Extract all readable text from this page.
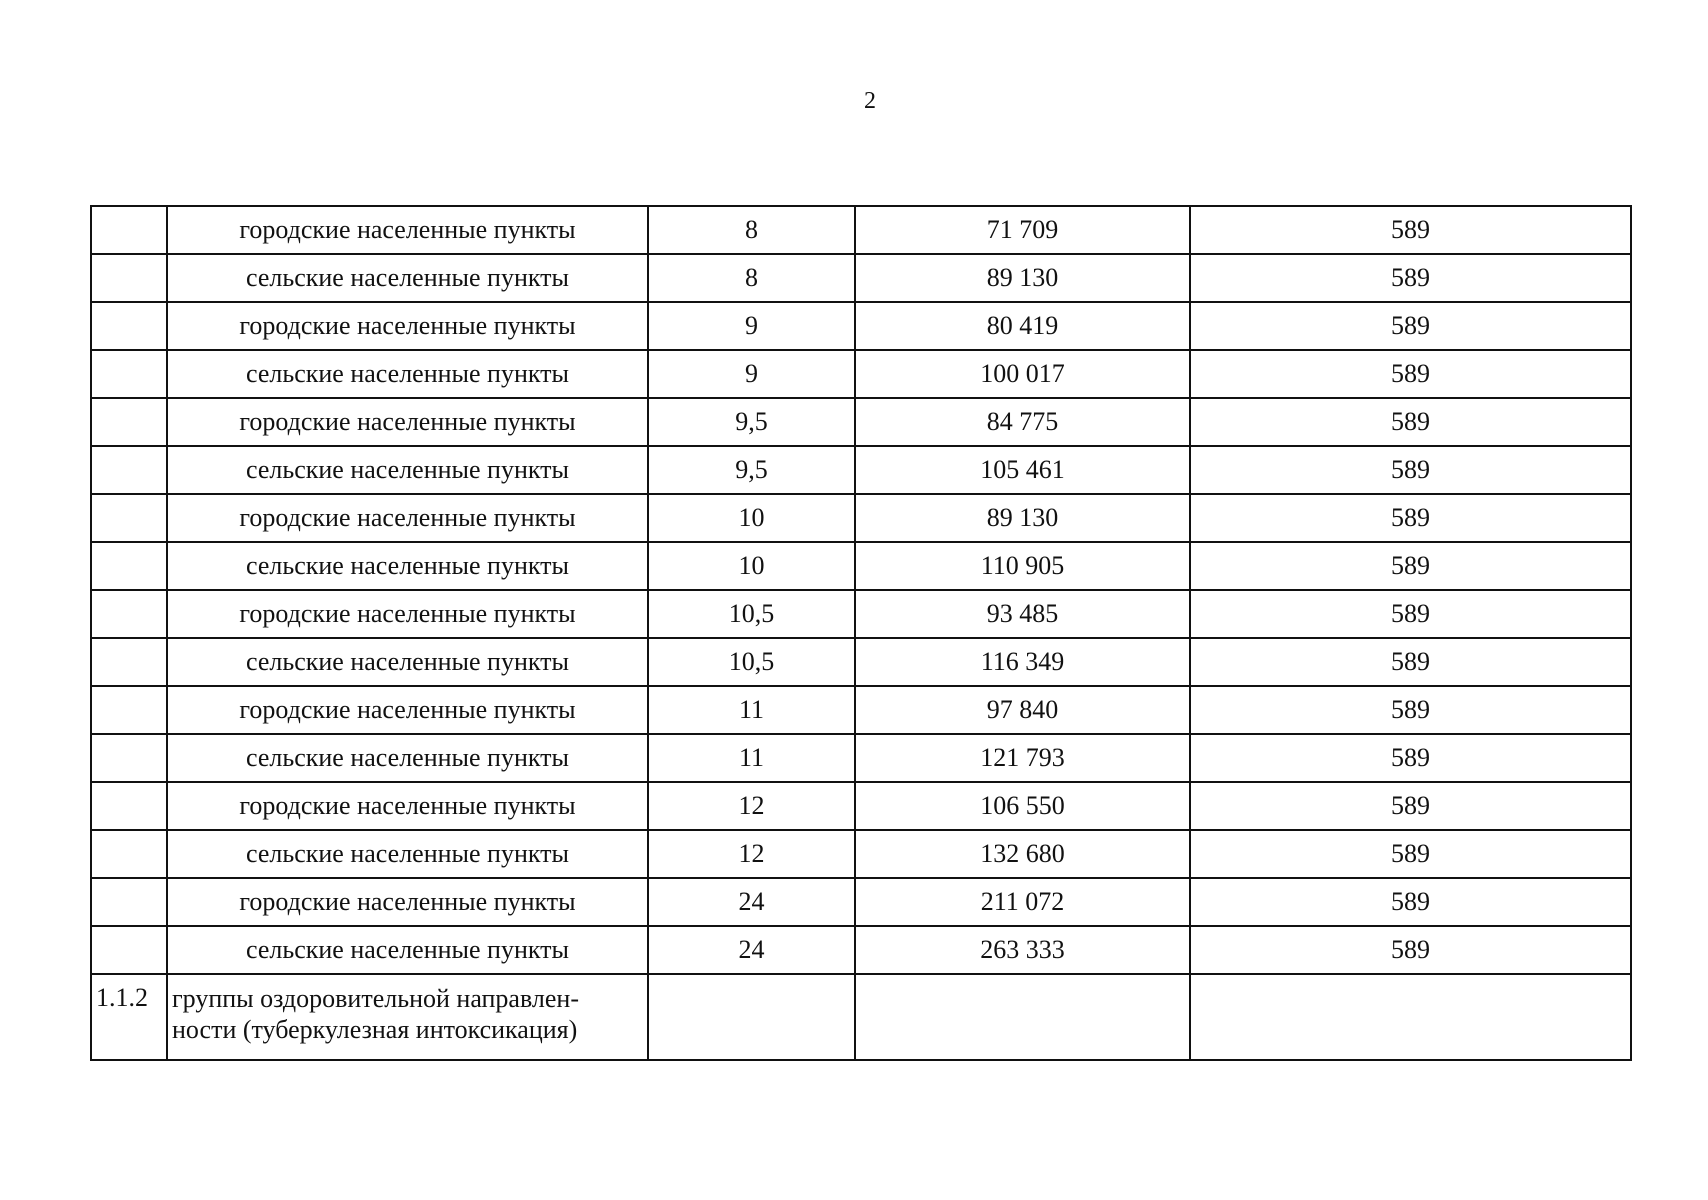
2
	городские населенные пункты	8	71 709	589
	сельские населенные пункты	8	89 130	589
	городские населенные пункты	9	80 419	589
	сельские населенные пункты	9	100 017	589
	городские населенные пункты	9,5	84 775	589
	сельские населенные пункты	9,5	105 461	589
	городские населенные пункты	10	89 130	589
	сельские населенные пункты	10	110 905	589
	городские населенные пункты	10,5	93 485	589
	сельские населенные пункты	10,5	116 349	589
	городские населенные пункты	11	97 840	589
	сельские населенные пункты	11	121 793	589
	городские населенные пункты	12	106 550	589
	сельские населенные пункты	12	132 680	589
	городские населенные пункты	24	211 072	589
	сельские населенные пункты	24	263 333	589
1.1.2	группы оздоровительной направлен-ности (туберкулезная интоксикация)			
